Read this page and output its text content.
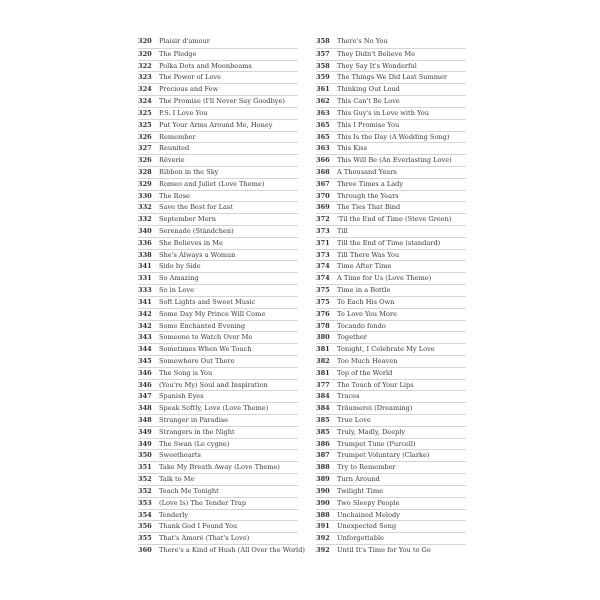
320	Plaisir d'amour
320	The Pledge
322	Polka Dots and Moonbeams
323	The Power of Love
324	Precious and Few
324	The Promise (I'll Never Say Goodbye)
325	P.S. I Love You
325	Put Your Arms Around Me, Honey
326	Remember
327	Reunited
326	Rêverie
328	Ribbon in the Sky
329	Romeo and Juliet (Love Theme)
330	The Rose
332	Save the Best for Last
332	September Morn
340	Serenade (Ständchen)
336	She Believes in Me
338	She's Always a Woman
341	Side by Side
331	So Amazing
333	So in Love
341	Soft Lights and Sweet Music
342	Some Day My Prince Will Come
342	Some Enchanted Evening
343	Someone to Watch Over Me
344	Sometimes When We Touch
345	Somewhere Out There
346	The Song is You
346	(You're My) Soul and Inspiration
347	Spanish Eyes
348	Speak Softly, Love (Love Theme)
348	Stranger in Paradise
349	Strangers in the Night
349	The Swan (Le cygne)
350	Sweethearts
351	Take My Breath Away (Love Theme)
352	Talk to Me
352	Teach Me Tonight
353	(Love Is) The Tender Trap
354	Tenderly
356	Thank God I Found You
355	That's Amoré (That's Love)
360	There's a Kind of Hush (All Over the World)
358	There's No You
357	They Didn't Believe Me
358	They Say It's Wonderful
359	The Things We Did Last Summer
361	Thinking Out Loud
362	This Can't Be Love
363	This Guy's in Love with You
365	This I Promise You
365	This Is the Day (A Wedding Song)
363	This Kiss
366	This Will Be (An Everlasting Love)
368	A Thousand Years
367	Three Times a Lady
370	Through the Years
369	The Ties That Bind
372	'Til the End of Time (Steve Green)
373	Till
371	Till the End of Time (standard)
373	Till There Was You
374	Time After Time
374	A Time for Us (Love Theme)
375	Time in a Bottle
375	To Each His Own
376	To Love You More
378	Tocando fondo
380	Together
381	Tonight, I Celebrate My Love
382	Too Much Heaven
381	Top of the World
377	The Touch of Your Lips
384	Traces
384	Träumerei (Dreaming)
385	True Love
385	Truly, Madly, Deeply
386	Trumpet Tune (Purcell)
387	Trumpet Voluntary (Clarke)
388	Try to Remember
389	Turn Around
390	Twilight Time
390	Two Sleepy People
388	Unchained Melody
391	Unexpected Song
392	Unforgettable
392	Until It's Time for You to Go
